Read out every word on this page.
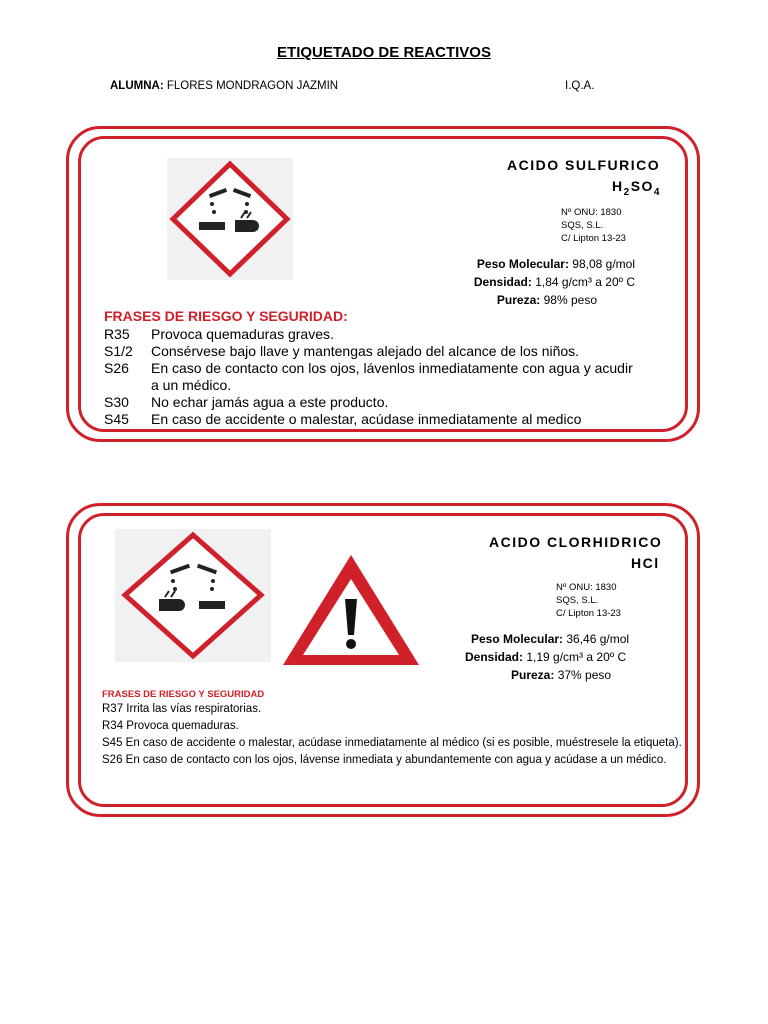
ETIQUETADO DE REACTIVOS
ALUMNA: FLORES MONDRAGON JAZMIN	I.Q.A.
ACIDO SULFURICO
$H_2SO_4$
Nº ONU: 1830
SQS, S.L.
C/ Lipton 13-23
Peso Molecular: 98,08 g/mol
Densidad: 1,84 g/cm³ a 20º C
Pureza: 98% peso
FRASES DE RIESGO Y SEGURIDAD:
R35	Provoca quemaduras graves.
S1/2	Consérvese bajo llave y mantengas alejado del alcance de los niños.
S26	En caso de contacto con los ojos, lávenlos inmediatamente con agua y acudir a un médico.
S30	No echar jamás agua a este producto.
S45	En caso de accidente o malestar, acúdase inmediatamente al medico
ACIDO CLORHIDRICO
HCl
Nº ONU: 1830
SQS, S.L.
C/ Lipton 13-23
Peso Molecular: 36,46 g/mol
Densidad: 1,19 g/cm³ a 20º C
Pureza: 37% peso
FRASES DE RIESGO Y SEGURIDAD
R37 Irrita las vías respiratorias.
R34 Provoca quemaduras.
S45 En caso de accidente o malestar, acúdase inmediatamente al médico (si es posible, muéstresele la etiqueta).
S26 En caso de contacto con los ojos, lávense inmediata y abundantemente con agua y acúdase a un médico.
